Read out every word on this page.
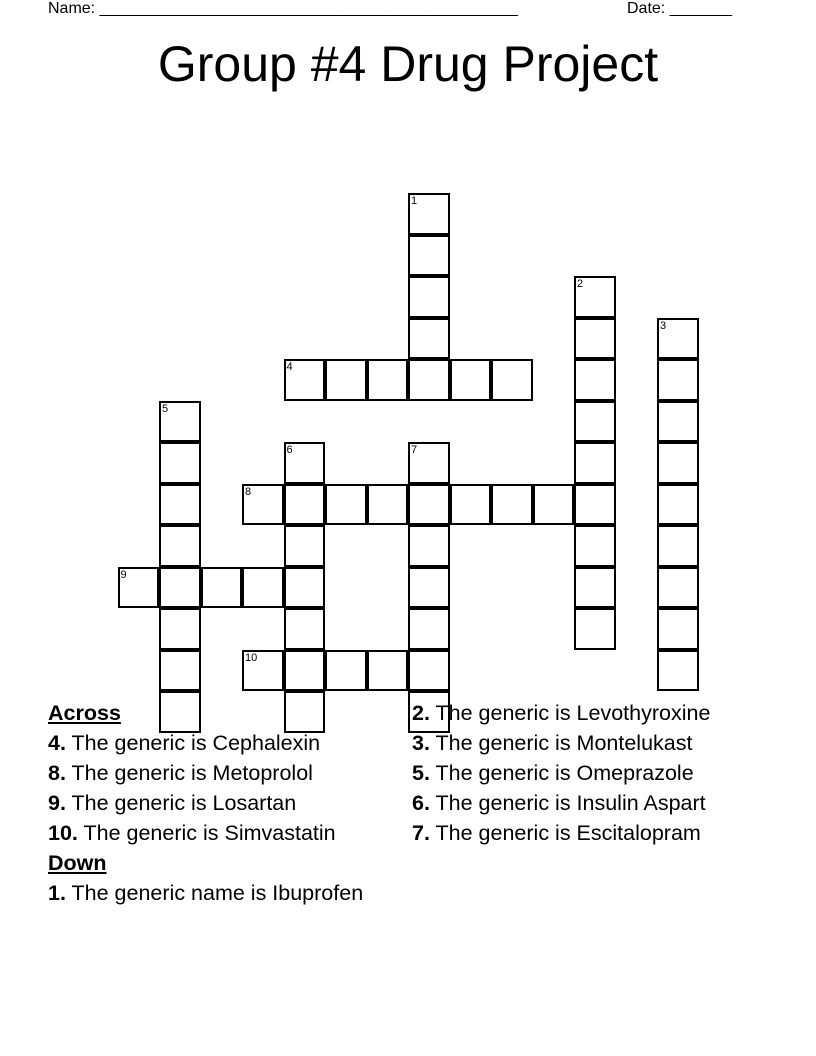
Name: _______________________________________________	Date: _______
Group #4 Drug Project
1
2
3
4
5
6	7
8
9
10
Across
4. The generic is Cephalexin
8. The generic is Metoprolol
9. The generic is Losartan
10. The generic is Simvastatin
Down
1. The generic name is Ibuprofen
2. The generic is Levothyroxine
3. The generic is Montelukast
5. The generic is Omeprazole
6. The generic is Insulin Aspart
7. The generic is Escitalopram
